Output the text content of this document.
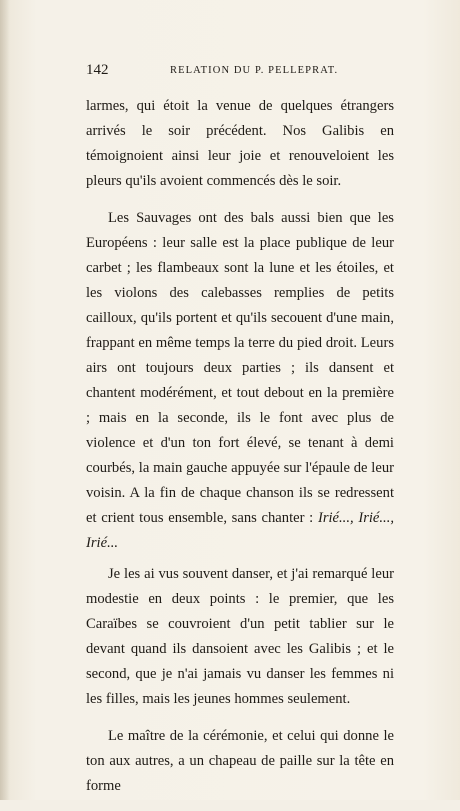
142	RELATION DU P. PELLEPRAT.

larmes, qui étoit la venue de quelques étrangers arrivés le soir précédent. Nos Galibis en témoignoient ainsi leur joie et renouveloient les pleurs qu'ils avoient commencés dès le soir.

Les Sauvages ont des bals aussi bien que les Européens : leur salle est la place publique de leur carbet ; les flambeaux sont la lune et les étoiles, et les violons des calebasses remplies de petits cailloux, qu'ils portent et qu'ils secouent d'une main, frappant en même temps la terre du pied droit. Leurs airs ont toujours deux parties ; ils dansent et chantent modérément, et tout debout en la première ; mais en la seconde, ils le font avec plus de violence et d'un ton fort élevé, se tenant à demi courbés, la main gauche appuyée sur l'épaule de leur voisin. A la fin de chaque chanson ils se redressent et crient tous ensemble, sans chanter : Irié..., Irié..., Irié...

Je les ai vus souvent danser, et j'ai remarqué leur modestie en deux points : le premier, que les Caraïbes se couvroient d'un petit tablier sur le devant quand ils dansoient avec les Galibis ; et le second, que je n'ai jamais vu danser les femmes ni les filles, mais les jeunes hommes seulement.

Le maître de la cérémonie, et celui qui donne le ton aux autres, a un chapeau de paille sur la tête en forme
